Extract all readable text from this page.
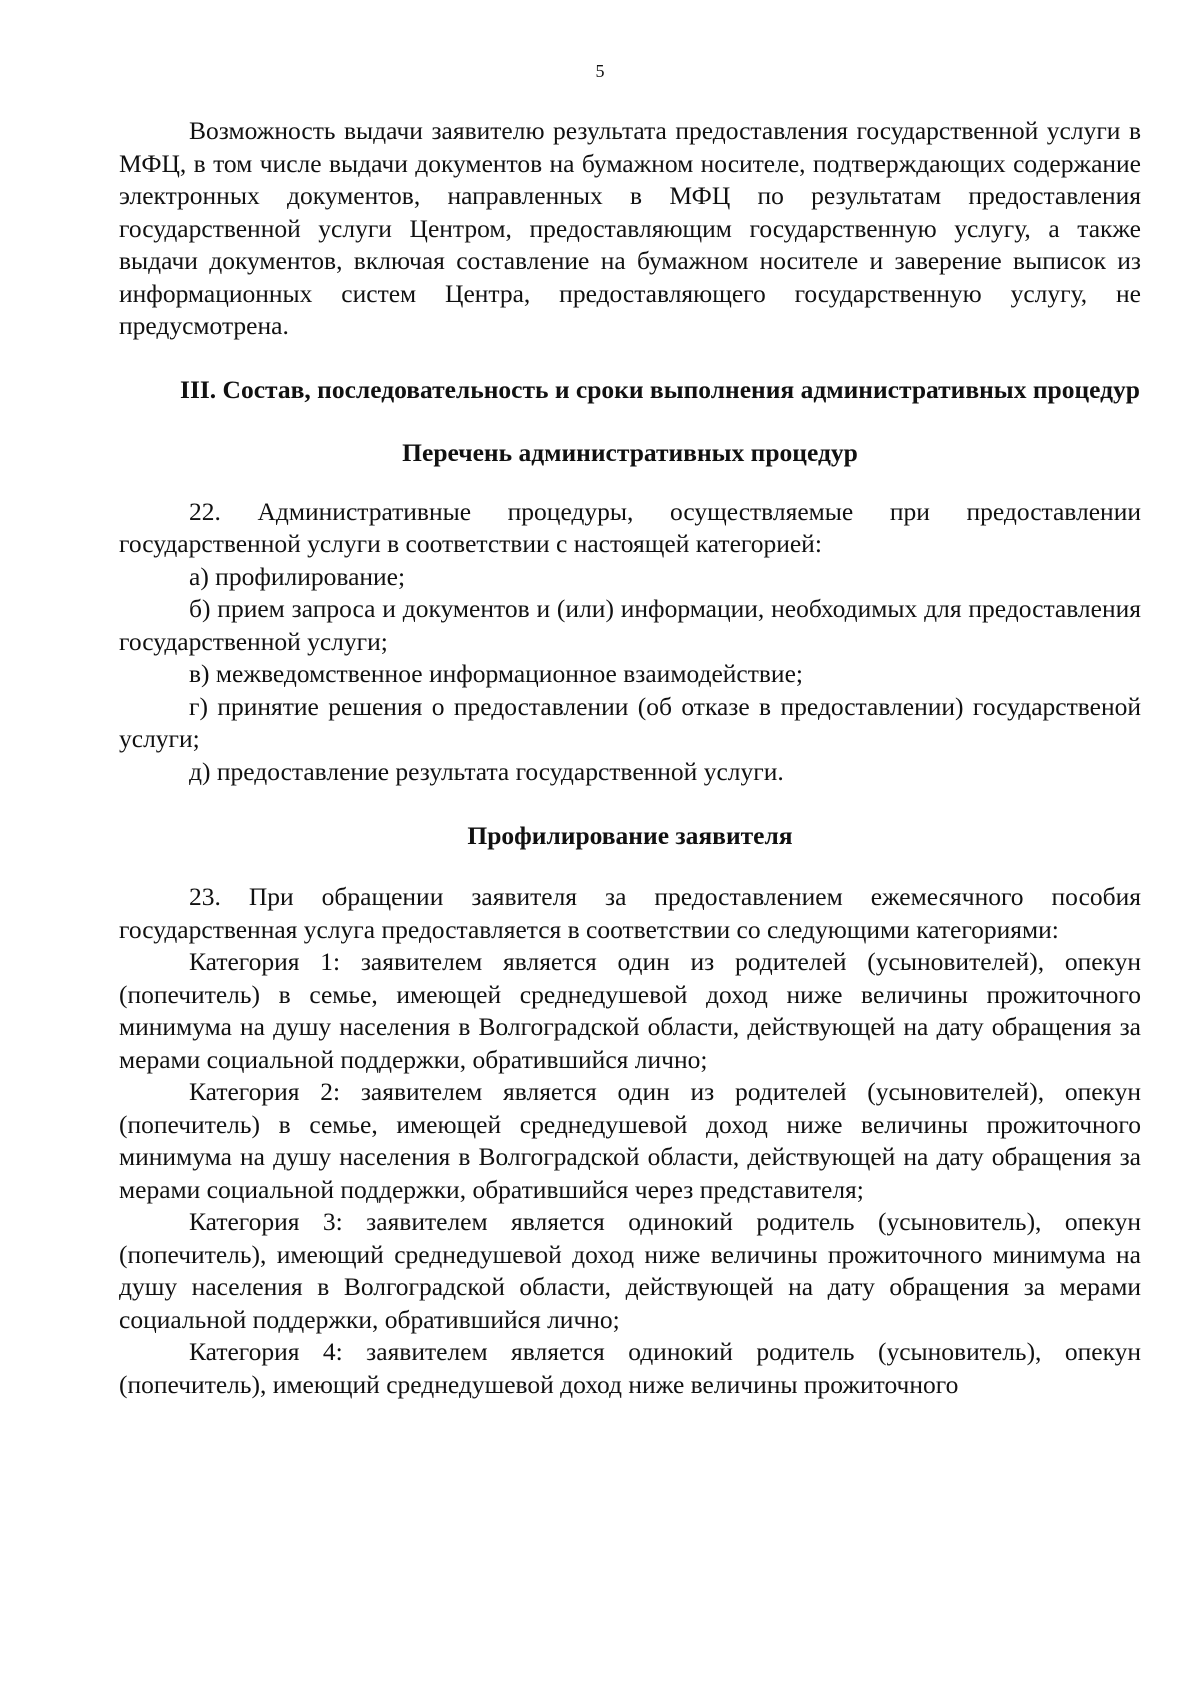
5

Возможность выдачи заявителю результата предоставления государственной услуги в МФЦ, в том числе выдачи документов на бумажном носителе, подтверждающих содержание электронных документов, направленных в МФЦ по результатам предоставления государственной услуги Центром, предоставляющим государственную услугу, а также выдачи документов, включая составление на бумажном носителе и заверение выписок из информационных систем Центра, предоставляющего государственную услугу, не предусмотрена.

III. Состав, последовательность и сроки выполнения административных процедур
Перечень административных процедур

22. Административные процедуры, осуществляемые при предоставлении государственной услуги в соответствии с настоящей категорией:

а) профилирование;

б) прием запроса и документов и (или) информации, необходимых для предоставления государственной услуги;

в) межведомственное информационное взаимодействие;

г) принятие решения о предоставлении (об отказе в предоставлении) государственой услуги;

д) предоставление результата государственной услуги.

Профилирование заявителя

23. При обращении заявителя за предоставлением ежемесячного пособия государственная услуга предоставляется в соответствии со следующими категориями:

Категория 1: заявителем является один из родителей (усыновителей), опекун (попечитель) в семье, имеющей среднедушевой доход ниже величины прожиточного минимума на душу населения в Волгоградской области, действующей на дату обращения за мерами социальной поддержки, обратившийся лично;

Категория 2: заявителем является один из родителей (усыновителей), опекун (попечитель) в семье, имеющей среднедушевой доход ниже величины прожиточного минимума на душу населения в Волгоградской области, действующей на дату обращения за мерами социальной поддержки, обратившийся через представителя;

Категория 3: заявителем является одинокий родитель (усыновитель), опекун (попечитель), имеющий среднедушевой доход ниже величины прожиточного минимума на душу населения в Волгоградской области, действующей на дату обращения за мерами социальной поддержки, обратившийся лично;

Категория 4: заявителем является одинокий родитель (усыновитель), опекун (попечитель), имеющий среднедушевой доход ниже величины прожиточного
